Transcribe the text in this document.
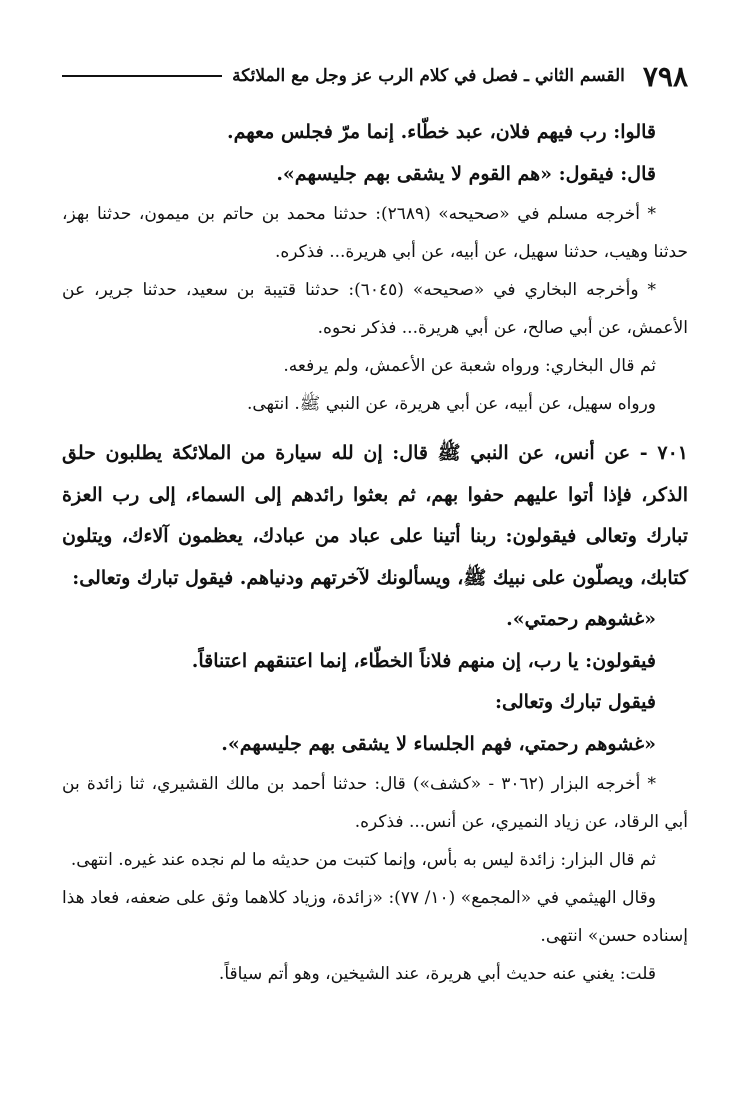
٧٩٨
القسم الثاني ـ فصل في كلام الرب عز وجل مع الملائكة

قالوا: رب فيهم فلان، عبد خطّاء. إنما مرّ فجلس معهم.

قال: فيقول: «هم القوم لا يشقى بهم جليسهم».

* أخرجه مسلم في «صحيحه» (٢٦٨٩): حدثنا محمد بن حاتم بن ميمون، حدثنا بهز، حدثنا وهيب، حدثنا سهيل، عن أبيه، عن أبي هريرة... فذكره.

* وأخرجه البخاري في «صحيحه» (٦٠٤٥): حدثنا قتيبة بن سعيد، حدثنا جرير، عن الأعمش، عن أبي صالح، عن أبي هريرة... فذكر نحوه.

ثم قال البخاري: ورواه شعبة عن الأعمش، ولم يرفعه.

ورواه سهيل، عن أبيه، عن أبي هريرة، عن النبي ﷺ. انتهى.

٧٠١ - عن أنس، عن النبي ﷺ قال: إن لله سيارة من الملائكة يطلبون حلق الذكر، فإذا أتوا عليهم حفوا بهم، ثم بعثوا رائدهم إلى السماء، إلى رب العزة تبارك وتعالى فيقولون: ربنا أتينا على عباد من عبادك، يعظمون آلاءك، ويتلون كتابك، ويصلّون على نبيك ﷺ، ويسألونك لآخرتهم ودنياهم. فيقول تبارك وتعالى:

«غشوهم رحمتي».

فيقولون: يا رب، إن منهم فلاناً الخطّاء، إنما اعتنقهم اعتناقاً.

فيقول تبارك وتعالى:

«غشوهم رحمتي، فهم الجلساء لا يشقى بهم جليسهم».

* أخرجه البزار (٣٠٦٢ - «كشف») قال: حدثنا أحمد بن مالك القشيري، ثنا زائدة بن أبي الرقاد، عن زياد النميري، عن أنس... فذكره.

ثم قال البزار: زائدة ليس به بأس، وإنما كتبت من حديثه ما لم نجده عند غيره. انتهى.

وقال الهيثمي في «المجمع» (١٠/ ٧٧): «زائدة، وزياد كلاهما وثق على ضعفه، فعاد هذا إسناده حسن» انتهى.

قلت: يغني عنه حديث أبي هريرة، عند الشيخين، وهو أتم سياقاً.
